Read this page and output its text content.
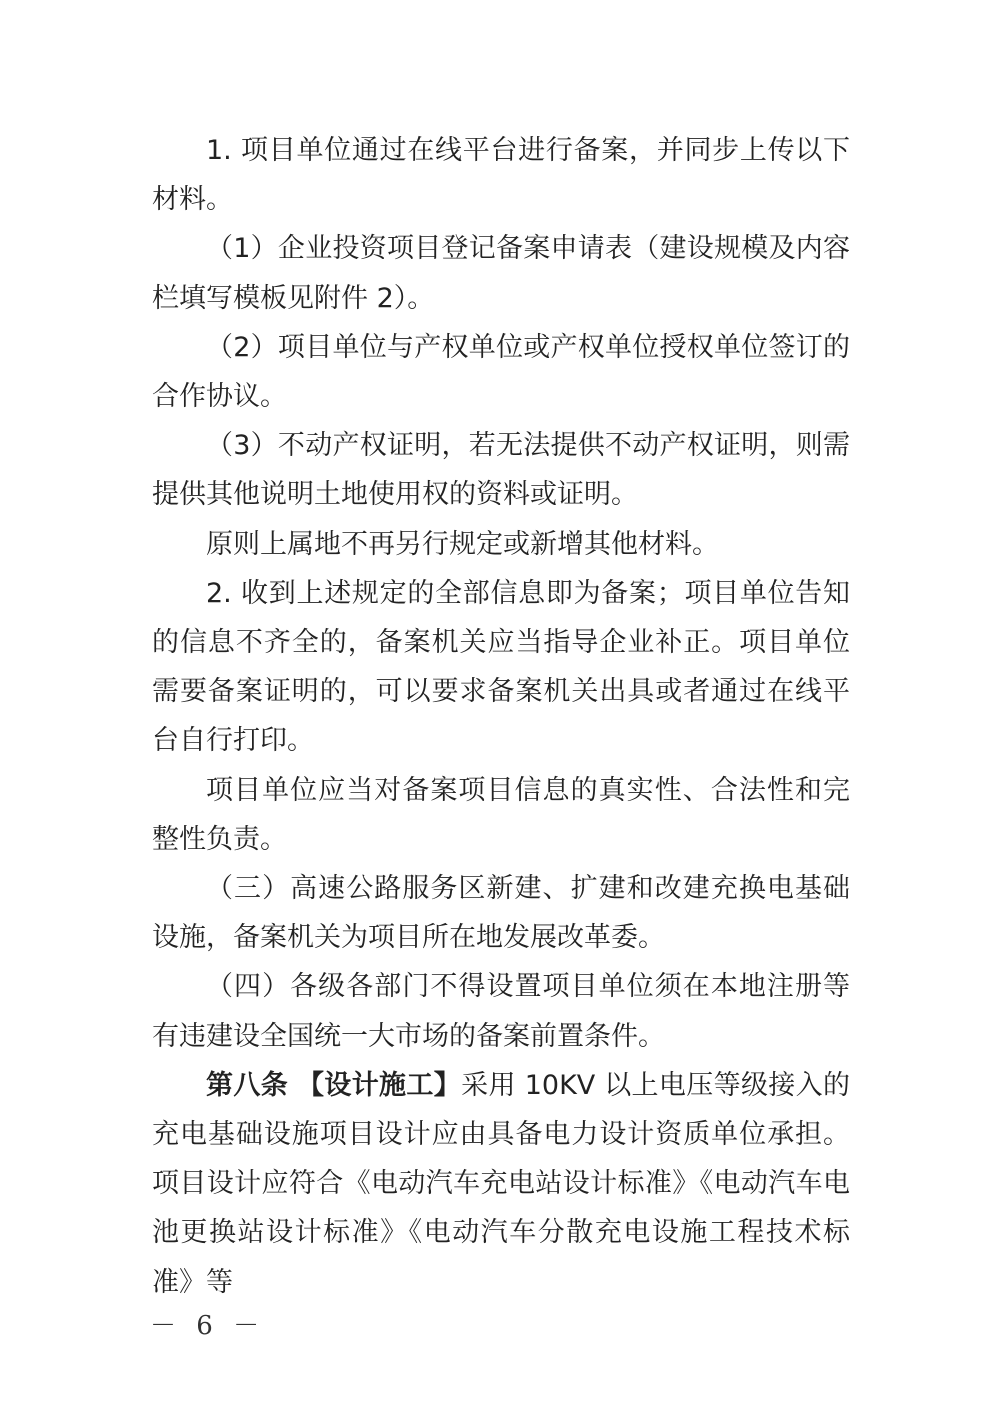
1. 项目单位通过在线平台进行备案，并同步上传以下材料。

（1）企业投资项目登记备案申请表（建设规模及内容栏填写模板见附件 2）。

（2）项目单位与产权单位或产权单位授权单位签订的合作协议。

（3）不动产权证明，若无法提供不动产权证明，则需提供其他说明土地使用权的资料或证明。

原则上属地不再另行规定或新增其他材料。

2. 收到上述规定的全部信息即为备案；项目单位告知的信息不齐全的，备案机关应当指导企业补正。项目单位需要备案证明的，可以要求备案机关出具或者通过在线平台自行打印。

项目单位应当对备案项目信息的真实性、合法性和完整性负责。

（三）高速公路服务区新建、扩建和改建充换电基础设施，备案机关为项目所在地发展改革委。

（四）各级各部门不得设置项目单位须在本地注册等有违建设全国统一大市场的备案前置条件。

第八条 【设计施工】采用 10KV 以上电压等级接入的充电基础设施项目设计应由具备电力设计资质单位承担。项目设计应符合《电动汽车充电站设计标准》《电动汽车电池更换站设计标准》《电动汽车分散充电设施工程技术标准》等

－ 6 －
